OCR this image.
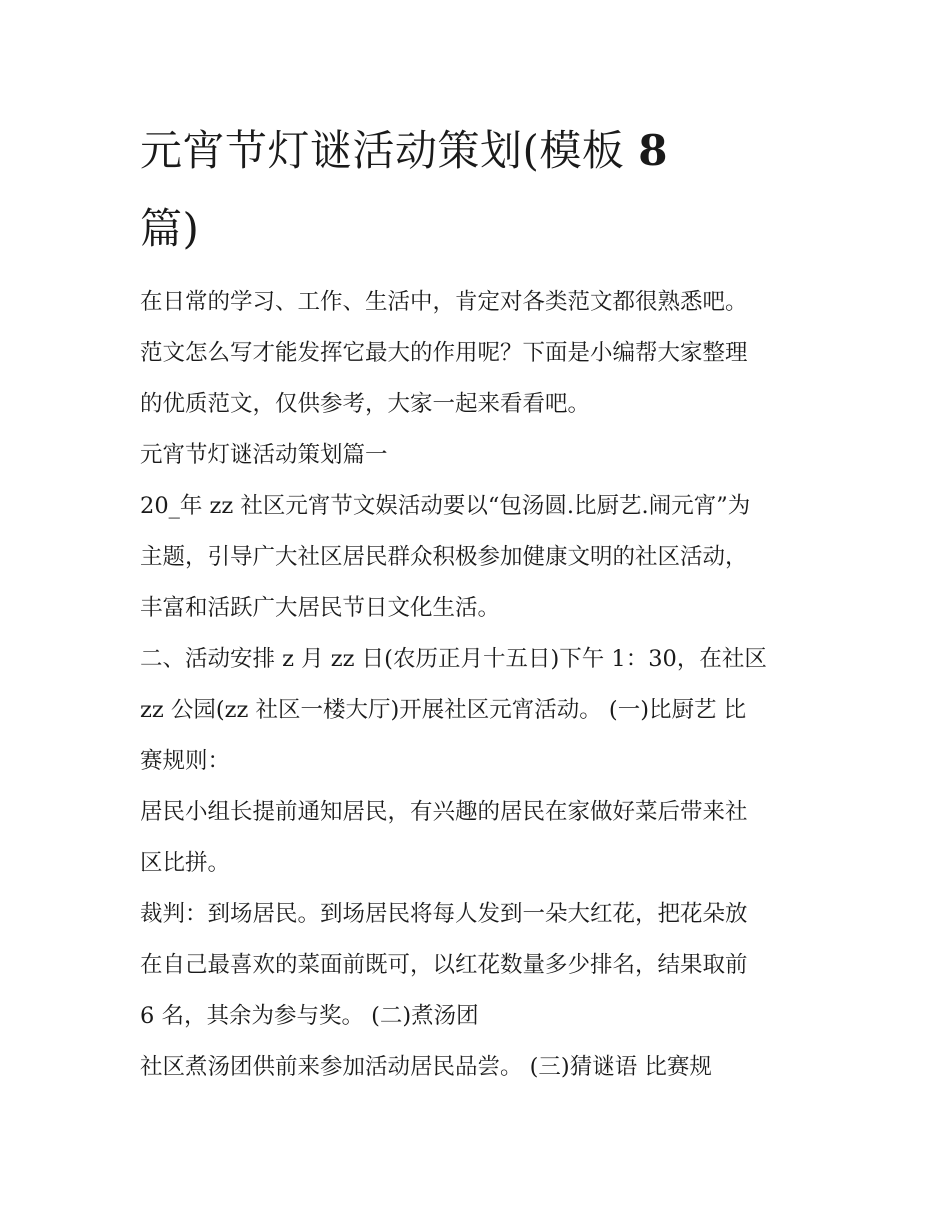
元宵节灯谜活动策划(模板 8
篇)

在日常的学习、工作、生活中，肯定对各类范文都很熟悉吧。
范文怎么写才能发挥它最大的作用呢？下面是小编帮大家整理
的优质范文，仅供参考，大家一起来看看吧。

元宵节灯谜活动策划篇一

20_年 zz 社区元宵节文娱活动要以“包汤圆.比厨艺.闹元宵”为
主题，引导广大社区居民群众积极参加健康文明的社区活动，
丰富和活跃广大居民节日文化生活。

二、活动安排 z 月 zz 日(农历正月十五日)下午 1：30，在社区
zz 公园(zz 社区一楼大厅)开展社区元宵活动。 (一)比厨艺 比
赛规则：

居民小组长提前通知居民，有兴趣的居民在家做好菜后带来社
区比拼。

裁判：到场居民。到场居民将每人发到一朵大红花，把花朵放
在自己最喜欢的菜面前既可，以红花数量多少排名，结果取前
6 名，其余为参与奖。 (二)煮汤团

社区煮汤团供前来参加活动居民品尝。 (三)猜谜语 比赛规
